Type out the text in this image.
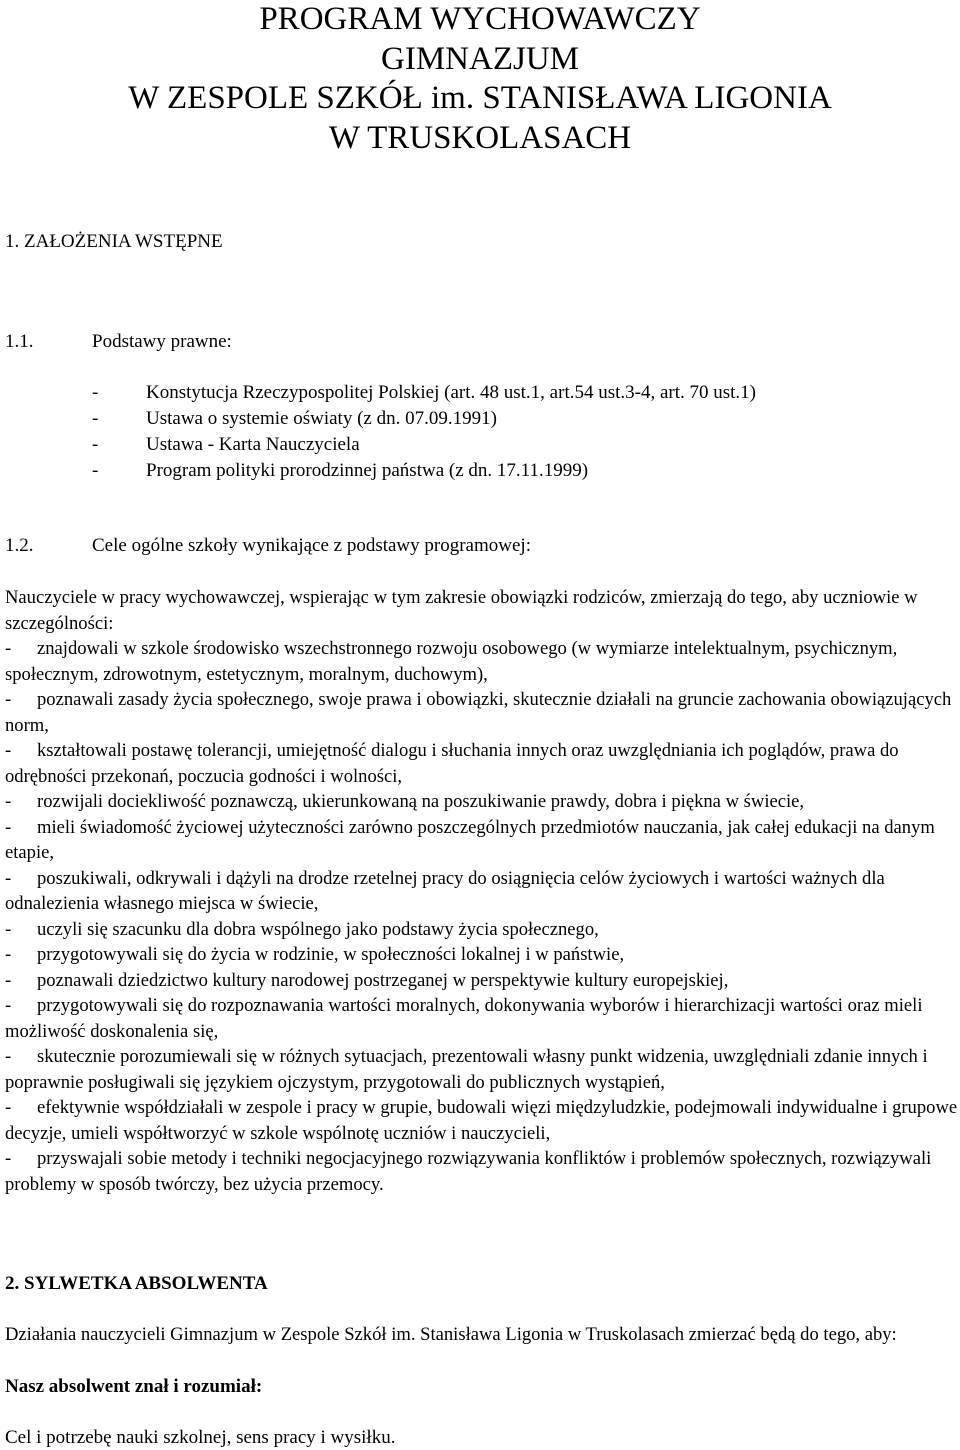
PROGRAM WYCHOWAWCZY
GIMNAZJUM
W ZESPOLE SZKÓŁ im. STANISŁAWA LIGONIA
W TRUSKOLASACH
1. ZAŁOŻENIA WSTĘPNE
1.1.	Podstawy prawne:
-	Konstytucja Rzeczypospolitej Polskiej (art. 48 ust.1, art.54 ust.3-4, art. 70 ust.1)
-	Ustawa o systemie oświaty (z dn. 07.09.1991)
-	Ustawa - Karta Nauczyciela
-	Program polityki prorodzinnej państwa (z dn. 17.11.1999)
1.2.	Cele ogólne szkoły wynikające z podstawy programowej:

Nauczyciele w pracy wychowawczej, wspierając w tym zakresie obowiązki rodziców, zmierzają do tego, aby uczniowie w szczególności:

- znajdowali w szkole środowisko wszechstronnego rozwoju osobowego (w wymiarze intelektualnym, psychicznym, społecznym, zdrowotnym, estetycznym, moralnym, duchowym),

- poznawali zasady życia społecznego, swoje prawa i obowiązki, skutecznie działali na gruncie zachowania obowiązujących norm,

- kształtowali postawę tolerancji, umiejętność dialogu i słuchania innych oraz uwzględniania ich poglądów, prawa do odrębności przekonań, poczucia godności i wolności,

- rozwijali dociekliwość poznawczą, ukierunkowaną na poszukiwanie prawdy, dobra i piękna w świecie,

- mieli świadomość życiowej użyteczności zarówno poszczególnych przedmiotów nauczania, jak całej edukacji na danym etapie,

- poszukiwali, odkrywali i dążyli na drodze rzetelnej pracy do osiągnięcia celów życiowych i wartości ważnych dla odnalezienia własnego miejsca w świecie,

- uczyli się szacunku dla dobra wspólnego jako podstawy życia społecznego,

- przygotowywali się do życia w rodzinie, w społeczności lokalnej i w państwie,

- poznawali dziedzictwo kultury narodowej postrzeganej w perspektywie kultury europejskiej,

- przygotowywali się do rozpoznawania wartości moralnych, dokonywania wyborów i hierarchizacji wartości oraz mieli możliwość doskonalenia się,

- skutecznie porozumiewali się w różnych sytuacjach, prezentowali własny punkt widzenia, uwzględniali zdanie innych i poprawnie posługiwali się językiem ojczystym, przygotowali do publicznych wystąpień,

- efektywnie współdziałali w zespole i pracy w grupie, budowali więzi międzyludzkie, podejmowali indywidualne i grupowe decyzje, umieli współtworzyć w szkole wspólnotę uczniów i nauczycieli,

- przyswajali sobie metody i techniki negocjacyjnego rozwiązywania konfliktów i problemów społecznych, rozwiązywali problemy w sposób twórczy, bez użycia przemocy.

2. SYLWETKA ABSOLWENTA
Działania nauczycieli Gimnazjum w Zespole Szkół im. Stanisława Ligonia w Truskolasach zmierzać będą do tego, aby:
Nasz absolwent znał i rozumiał:
Cel i potrzebę nauki szkolnej, sens pracy i wysiłku.
